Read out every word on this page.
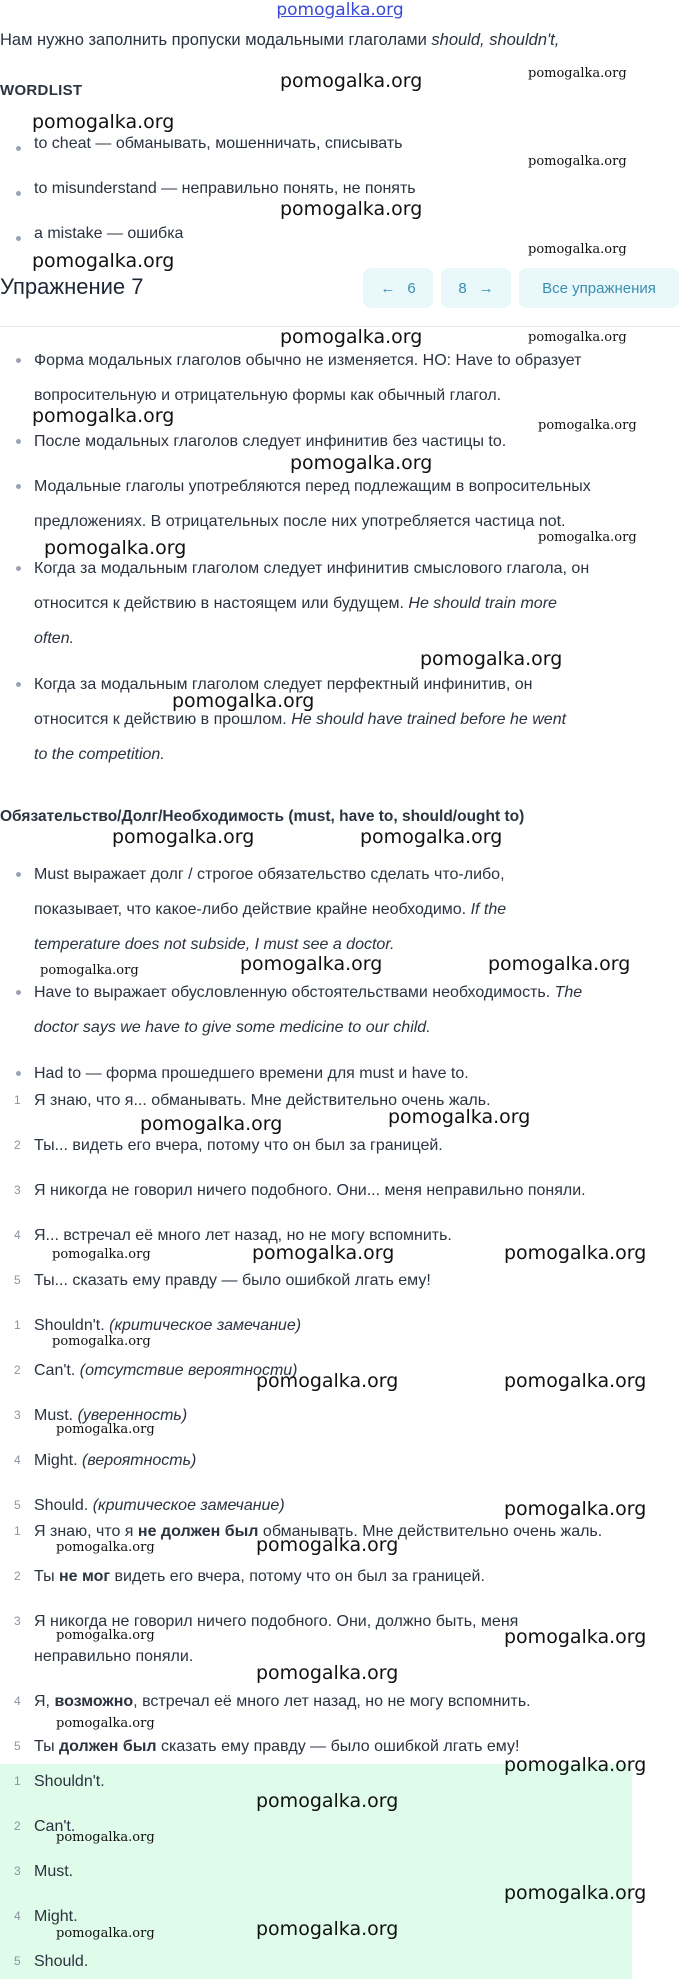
pomogalka.org
Нам нужно заполнить пропуски модальными глаголами should, shouldn't,
WORDLIST
to cheat — обманывать, мошенничать, списывать
to misunderstand — неправильно понять, не понять
a mistake — ошибка
Упражнение 7	← 6	8 →	Все упражнения
Форма модальных глаголов обычно не изменяется. НО: Have to образует
вопросительную и отрицательную формы как обычный глагол.
После модальных глаголов следует инфинитив без частицы to.
Модальные глаголы употребляются перед подлежащим в вопросительных
предложениях. В отрицательных после них употребляется частица not.
Когда за модальным глаголом следует инфинитив смыслового глагола, он
относится к действию в настоящем или будущем. He should train more
often.
Когда за модальным глаголом следует перфектный инфинитив, он
относится к действию в прошлом. He should have trained before he went
to the competition.
Обязательство/Долг/Необходимость (must, have to, should/ought to)
Must выражает долг / строгое обязательство сделать что-либо,
показывает, что какое-либо действие крайне необходимо. If the
temperature does not subside, I must see a doctor.
Have to выражает обусловленную обстоятельствами необходимость. The
doctor says we have to give some medicine to our child.
Had to — форма прошедшего времени для must и have to.
1 Я знаю, что я... обманывать. Мне действительно очень жаль.
2 Ты... видеть его вчера, потому что он был за границей.
3 Я никогда не говорил ничего подобного. Они... меня неправильно поняли.
4 Я... встречал её много лет назад, но не могу вспомнить.
5 Ты... сказать ему правду — было ошибкой лгать ему!
1 Shouldn't. (критическое замечание)
2 Can't. (отсутствие вероятности)
3 Must. (уверенность)
4 Might. (вероятность)
5 Should. (критическое замечание)
1 Я знаю, что я не должен был обманывать. Мне действительно очень жаль.
2 Ты не мог видеть его вчера, потому что он был за границей.
3 Я никогда не говорил ничего подобного. Они, должно быть, меня
неправильно поняли.
4 Я, возможно, встречал её много лет назад, но не могу вспомнить.
5 Ты должен был сказать ему правду — было ошибкой лгать ему!
1 Shouldn't.
2 Can't.
3 Must.
4 Might.
5 Should.
pomogalka.org	pomogalka.org
pomogalka.org
pomogalka.org
pomogalka.org
pomogalka.org
pomogalka.org
pomogalka.org	pomogalka.org
pomogalka.org	pomogalka.org
pomogalka.org
pomogalka.org
pomogalka.org
pomogalka.org
pomogalka.org
pomogalka.org	pomogalka.org
pomogalka.org	pomogalka.org	pomogalka.org
pomogalka.org
pomogalka.org
pomogalka.org	pomogalka.org	pomogalka.org
pomogalka.org
pomogalka.org	pomogalka.org
pomogalka.org
pomogalka.org
pomogalka.org	pomogalka.org
pomogalka.org	pomogalka.org
pomogalka.org
pomogalka.org
pomogalka.org
pomogalka.org
pomogalka.org
pomogalka.org
pomogalka.org
pomogalka.org
